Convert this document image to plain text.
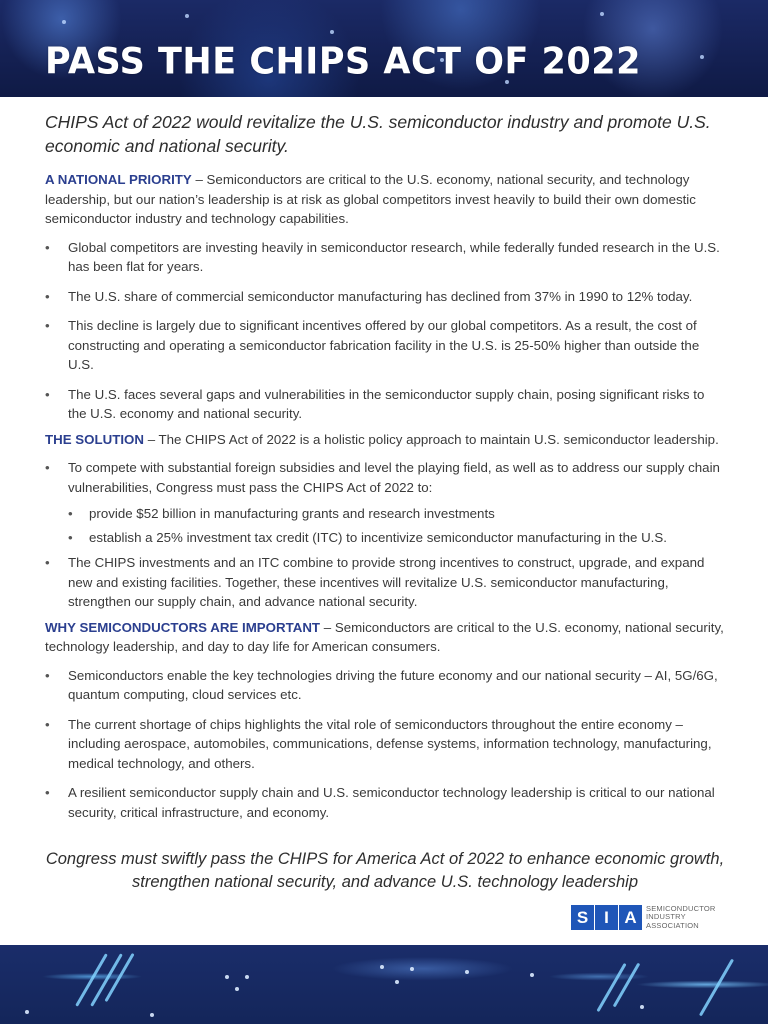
PASS THE CHIPS ACT OF 2022

CHIPS Act of 2022 would revitalize the U.S. semiconductor industry and promote U.S. economic and national security.

A NATIONAL PRIORITY – Semiconductors are critical to the U.S. economy, national security, and technology leadership, but our nation’s leadership is at risk as global competitors invest heavily to build their own domestic semiconductor industry and technology capabilities.

• Global competitors are investing heavily in semiconductor research, while federally funded research in the U.S. has been flat for years.
• The U.S. share of commercial semiconductor manufacturing has declined from 37% in 1990 to 12% today.
• This decline is largely due to significant incentives offered by our global competitors. As a result, the cost of constructing and operating a semiconductor fabrication facility in the U.S. is 25-50% higher than outside the U.S.
• The U.S. faces several gaps and vulnerabilities in the semiconductor supply chain, posing significant risks to the U.S. economy and national security.

THE SOLUTION – The CHIPS Act of 2022 is a holistic policy approach to maintain U.S. semiconductor leadership.

• To compete with substantial foreign subsidies and level the playing field, as well as to address our supply chain vulnerabilities, Congress must pass the CHIPS Act of 2022 to:
• provide $52 billion in manufacturing grants and research investments
• establish a 25% investment tax credit (ITC) to incentivize semiconductor manufacturing in the U.S.
• The CHIPS investments and an ITC combine to provide strong incentives to construct, upgrade, and expand new and existing facilities. Together, these incentives will revitalize U.S. semiconductor manufacturing, strengthen our supply chain, and advance national security.

WHY SEMICONDUCTORS ARE IMPORTANT – Semiconductors are critical to the U.S. economy, national security, technology leadership, and day to day life for American consumers.

• Semiconductors enable the key technologies driving the future economy and our national security – AI, 5G/6G, quantum computing, cloud services etc.
• The current shortage of chips highlights the vital role of semiconductors throughout the entire economy – including aerospace, automobiles, communications, defense systems, information technology, manufacturing, medical technology, and others.
• A resilient semiconductor supply chain and U.S. semiconductor technology leadership is critical to our national security, critical infrastructure, and economy.
Congress must swiftly pass the CHIPS for America Act of 2022 to enhance economic growth, strengthen national security, and advance U.S. technology leadership
S I A	SEMICONDUCTOR
INDUSTRY
ASSOCIATION
